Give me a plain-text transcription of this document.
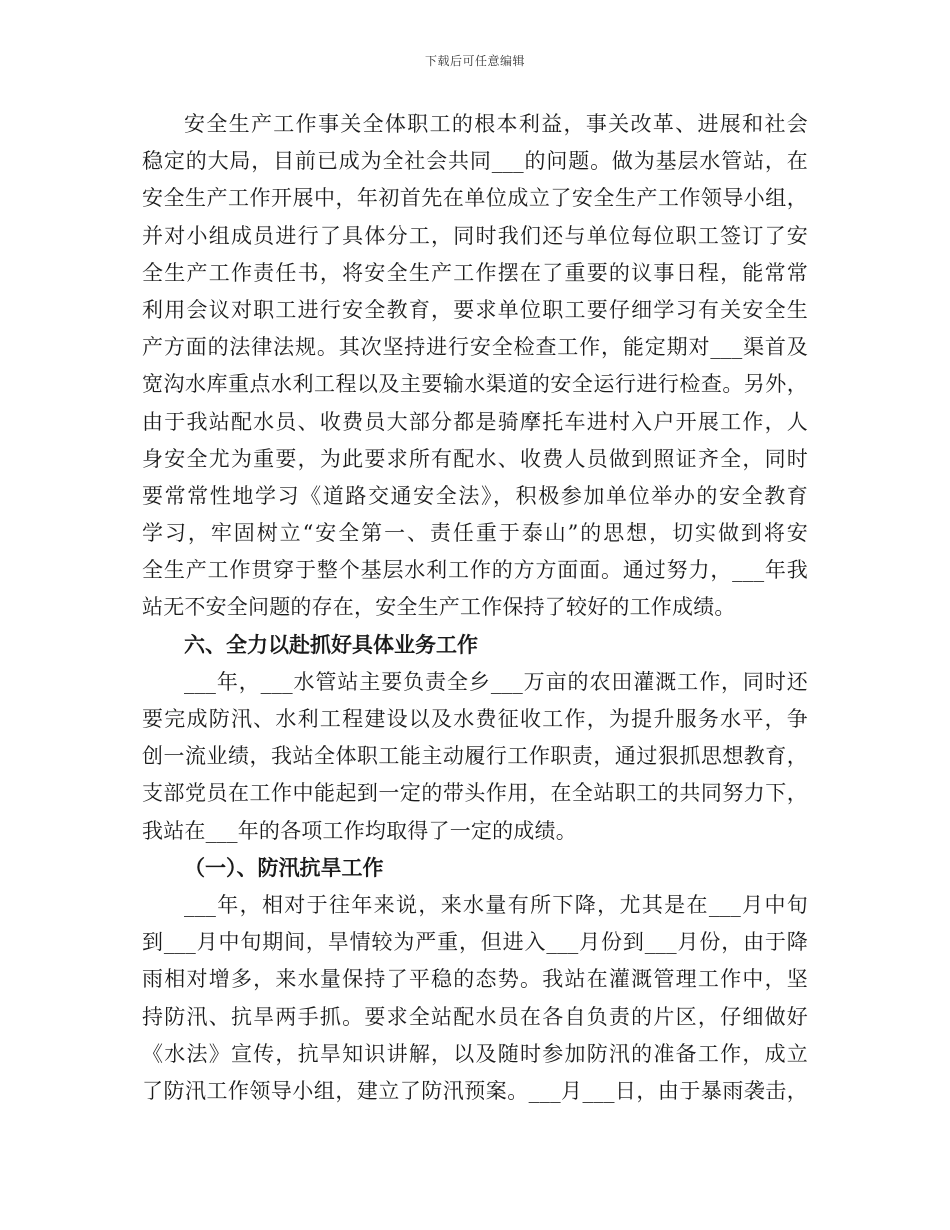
下载后可任意编辑
安全生产工作事关全体职工的根本利益，事关改革、进展和社会
稳定的大局，目前已成为全社会共同___的问题。做为基层水管站，在
安全生产工作开展中，年初首先在单位成立了安全生产工作领导小组，
并对小组成员进行了具体分工，同时我们还与单位每位职工签订了安
全生产工作责任书，将安全生产工作摆在了重要的议事日程，能常常
利用会议对职工进行安全教育，要求单位职工要仔细学习有关安全生
产方面的法律法规。其次坚持进行安全检查工作，能定期对___渠首及
宽沟水库重点水利工程以及主要输水渠道的安全运行进行检查。另外，
由于我站配水员、收费员大部分都是骑摩托车进村入户开展工作，人
身安全尤为重要，为此要求所有配水、收费人员做到照证齐全，同时
要常常性地学习《道路交通安全法》，积极参加单位举办的安全教育
学习，牢固树立“安全第一、责任重于泰山”的思想，切实做到将安
全生产工作贯穿于整个基层水利工作的方方面面。通过努力，___年我
站无不安全问题的存在，安全生产工作保持了较好的工作成绩。
六、全力以赴抓好具体业务工作
___年，___水管站主要负责全乡___万亩的农田灌溉工作，同时还
要完成防汛、水利工程建设以及水费征收工作，为提升服务水平，争
创一流业绩，我站全体职工能主动履行工作职责，通过狠抓思想教育，
支部党员在工作中能起到一定的带头作用，在全站职工的共同努力下，
我站在___年的各项工作均取得了一定的成绩。
（一）、防汛抗旱工作
___年，相对于往年来说，来水量有所下降，尤其是在___月中旬
到___月中旬期间，旱情较为严重，但进入___月份到___月份，由于降
雨相对增多，来水量保持了平稳的态势。我站在灌溉管理工作中，坚
持防汛、抗旱两手抓。要求全站配水员在各自负责的片区，仔细做好
《水法》宣传，抗旱知识讲解，以及随时参加防汛的准备工作，成立
了防汛工作领导小组，建立了防汛预案。___月___日，由于暴雨袭击，
